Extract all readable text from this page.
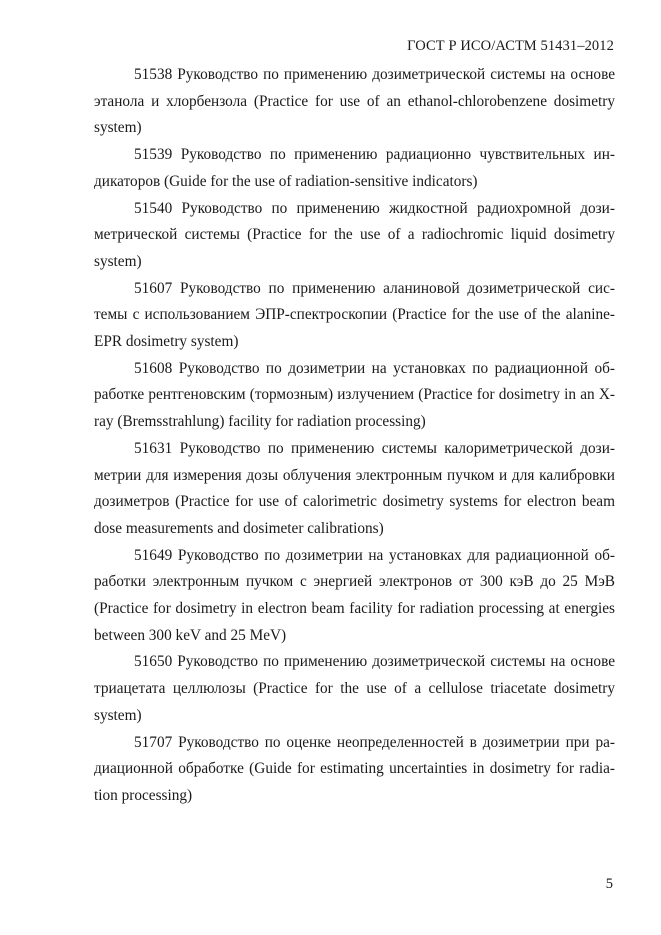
ГОСТ Р ИСО/АСТМ 51431–2012

51538 Руководство по применению дозиметрической системы на основе этанола и хлорбензола (Practice for use of an ethanol-chlorobenzene dosimetry system)

51539 Руководство по применению радиационно чувствительных индикаторов (Guide for the use of radiation-sensitive indicators)

51540 Руководство по применению жидкостной радиохромной дозиметрической системы (Practice for the use of a radiochromic liquid dosimetry system)

51607 Руководство по применению аланиновой дозиметрической системы с использованием ЭПР-спектроскопии (Practice for the use of the alanine-EPR dosimetry system)

51608 Руководство по дозиметрии на установках по радиационной обработке рентгеновским (тормозным) излучением (Practice for dosimetry in an X-ray (Bremsstrahlung) facility for radiation processing)

51631 Руководство по применению системы калориметрической дозиметрии для измерения дозы облучения электронным пучком и для калибровки дозиметров (Practice for use of calorimetric dosimetry systems for electron beam dose measurements and dosimeter calibrations)

51649 Руководство по дозиметрии на установках для радиационной обработки электронным пучком с энергией электронов от 300 кэВ до 25 МэВ (Practice for dosimetry in electron beam facility for radiation processing at energies between 300 keV and 25 MeV)

51650 Руководство по применению дозиметрической системы на основе триацетата целлюлозы (Practice for the use of a cellulose triacetate dosimetry system)

51707 Руководство по оценке неопределенностей в дозиметрии при радиационной обработке (Guide for estimating uncertainties in dosimetry for radiation processing)

5
